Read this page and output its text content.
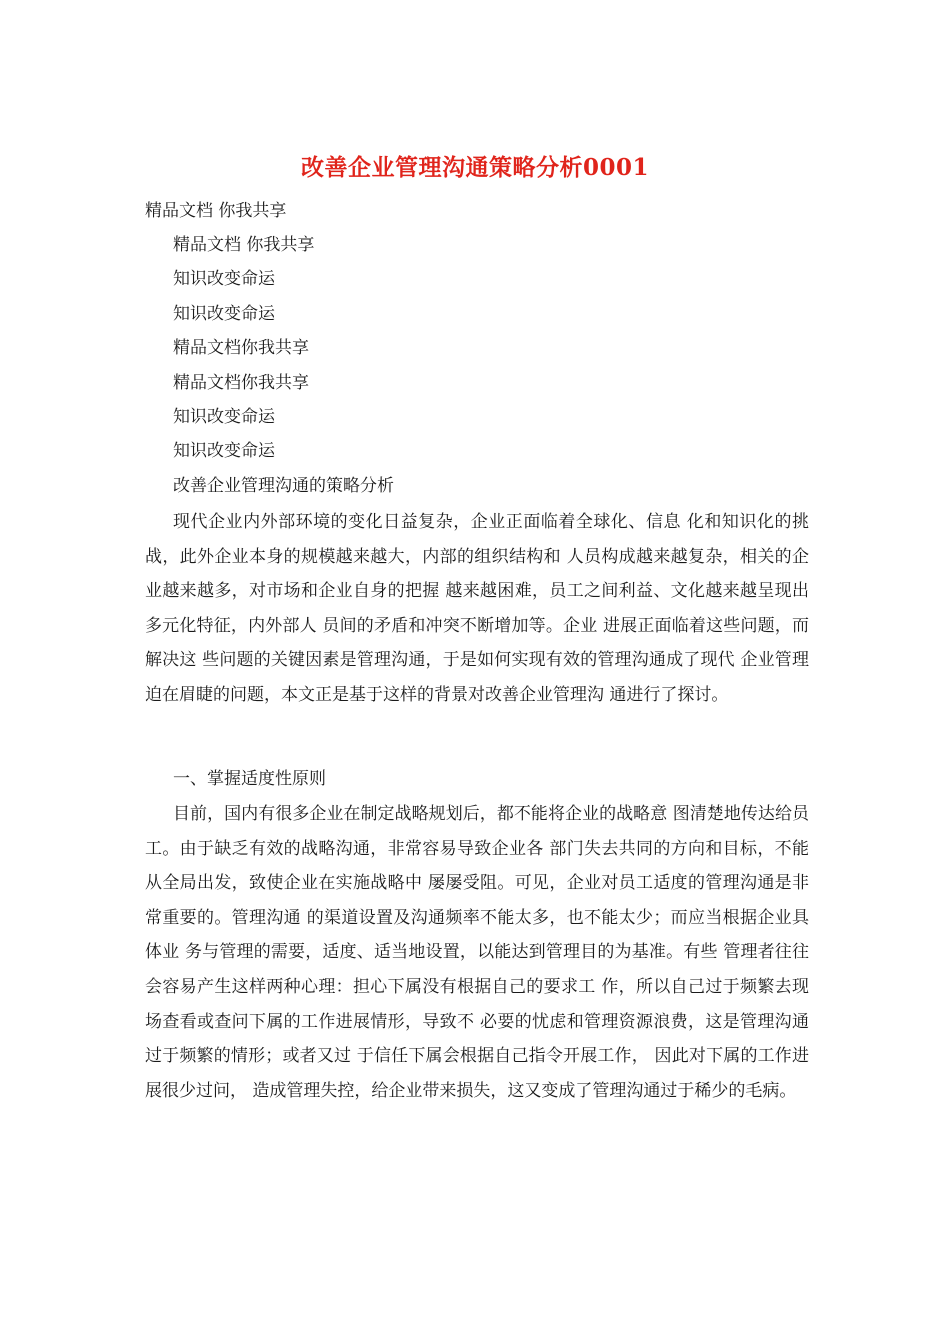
改善企业管理沟通策略分析0001
精品文档 你我共享
精品文档 你我共享
知识改变命运
知识改变命运
精品文档你我共享
精品文档你我共享
知识改变命运
知识改变命运
改善企业管理沟通的策略分析

现代企业内外部环境的变化日益复杂，企业正面临着全球化、信息 化和知识化的挑战，此外企业本身的规模越来越大，内部的组织结构和 人员构成越来越复杂，相关的企业越来越多，对市场和企业自身的把握 越来越困难，员工之间利益、文化越来越呈现出多元化特征，内外部人 员间的矛盾和冲突不断增加等。企业 进展正面临着这些问题，而解决这 些问题的关键因素是管理沟通，于是如何实现有效的管理沟通成了现代 企业管理迫在眉睫的问题，本文正是基于这样的背景对改善企业管理沟 通进行了探讨。

一、掌握适度性原则

目前，国内有很多企业在制定战略规划后，都不能将企业的战略意 图清楚地传达给员工。由于缺乏有效的战略沟通，非常容易导致企业各 部门失去共同的方向和目标，不能从全局出发，致使企业在实施战略中 屡屡受阻。可见，企业对员工适度的管理沟通是非常重要的。管理沟通 的渠道设置及沟通频率不能太多，也不能太少；而应当根据企业具体业 务与管理的需要，适度、适当地设置，以能达到管理目的为基准。有些 管理者往往会容易产生这样两种心理：担心下属没有根据自己的要求工 作，所以自己过于频繁去现场查看或查问下属的工作进展情形，导致不 必要的忧虑和管理资源浪费，这是管理沟通过于频繁的情形；或者又过 于信任下属会根据自己指令开展工作， 因此对下属的工作进展很少过问， 造成管理失控，给企业带来损失，这又变成了管理沟通过于稀少的毛病。
